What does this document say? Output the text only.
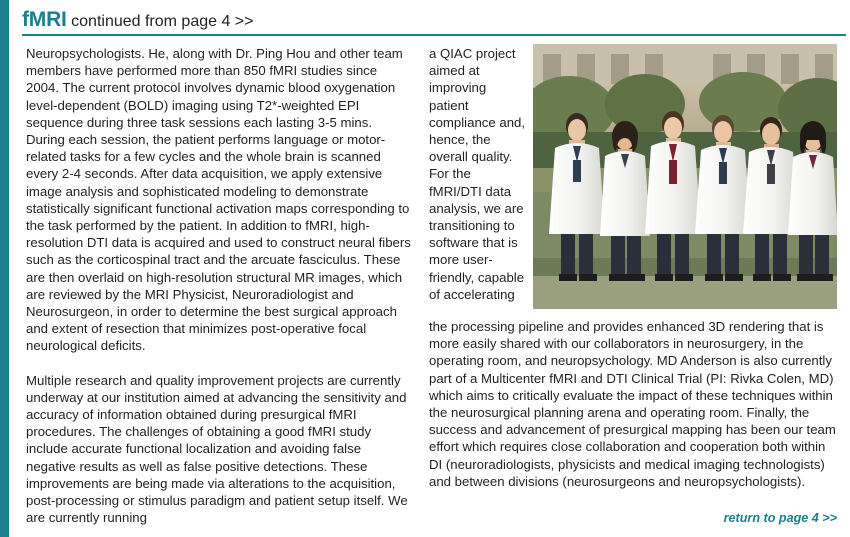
fMRI continued from page 4 >>

Neuropsychologists. He, along with Dr. Ping Hou and other team members have performed more than 850 fMRI studies since 2004. The current protocol involves dynamic blood oxygenation level-dependent (BOLD) imaging using T2*-weighted EPI sequence during three task sessions each lasting 3-5 mins. During each session, the patient performs language or motor-related tasks for a few cycles and the whole brain is scanned every 2-4 seconds. After data acquisition, we apply extensive image analysis and sophisticated modeling to demonstrate statistically significant functional activation maps corresponding to the task performed by the patient. In addition to fMRI, high-resolution DTI data is acquired and used to construct neural fibers such as the corticospinal tract and the arcuate fasciculus. These are then overlaid on high-resolution structural MR images, which are reviewed by the MRI Physicist, Neuroradiologist and Neurosurgeon, in order to determine the best surgical approach and extent of resection that minimizes post-operative focal neurological deficits.

Multiple research and quality improvement projects are currently underway at our institution aimed at advancing the sensitivity and accuracy of information obtained during presurgical fMRI procedures. The challenges of obtaining a good fMRI study include accurate functional localization and avoiding false negative results as well as false positive detections. These improvements are being made via alterations to the acquisition, post-processing or stimulus paradigm and patient setup itself. We are currently running

a QIAC project aimed at improving patient compliance and, hence, the overall quality. For the fMRI/DTI data analysis, we are transitioning to software that is more user-friendly, capable of accelerating

the processing pipeline and provides enhanced 3D rendering that is more easily shared with our collaborators in neurosurgery, in the operating room, and neuropsychology. MD Anderson is also currently part of a Multicenter fMRI and DTI Clinical Trial (PI: Rivka Colen, MD) which aims to critically evaluate the impact of these techniques within the neurosurgical planning arena and operating room. Finally, the success and advancement of presurgical mapping has been our team effort which requires close collaboration and cooperation both within DI (neuroradiologists, physicists and medical imaging technologists) and between divisions (neurosurgeons and neuropsychologists).

return to page 4 >>
